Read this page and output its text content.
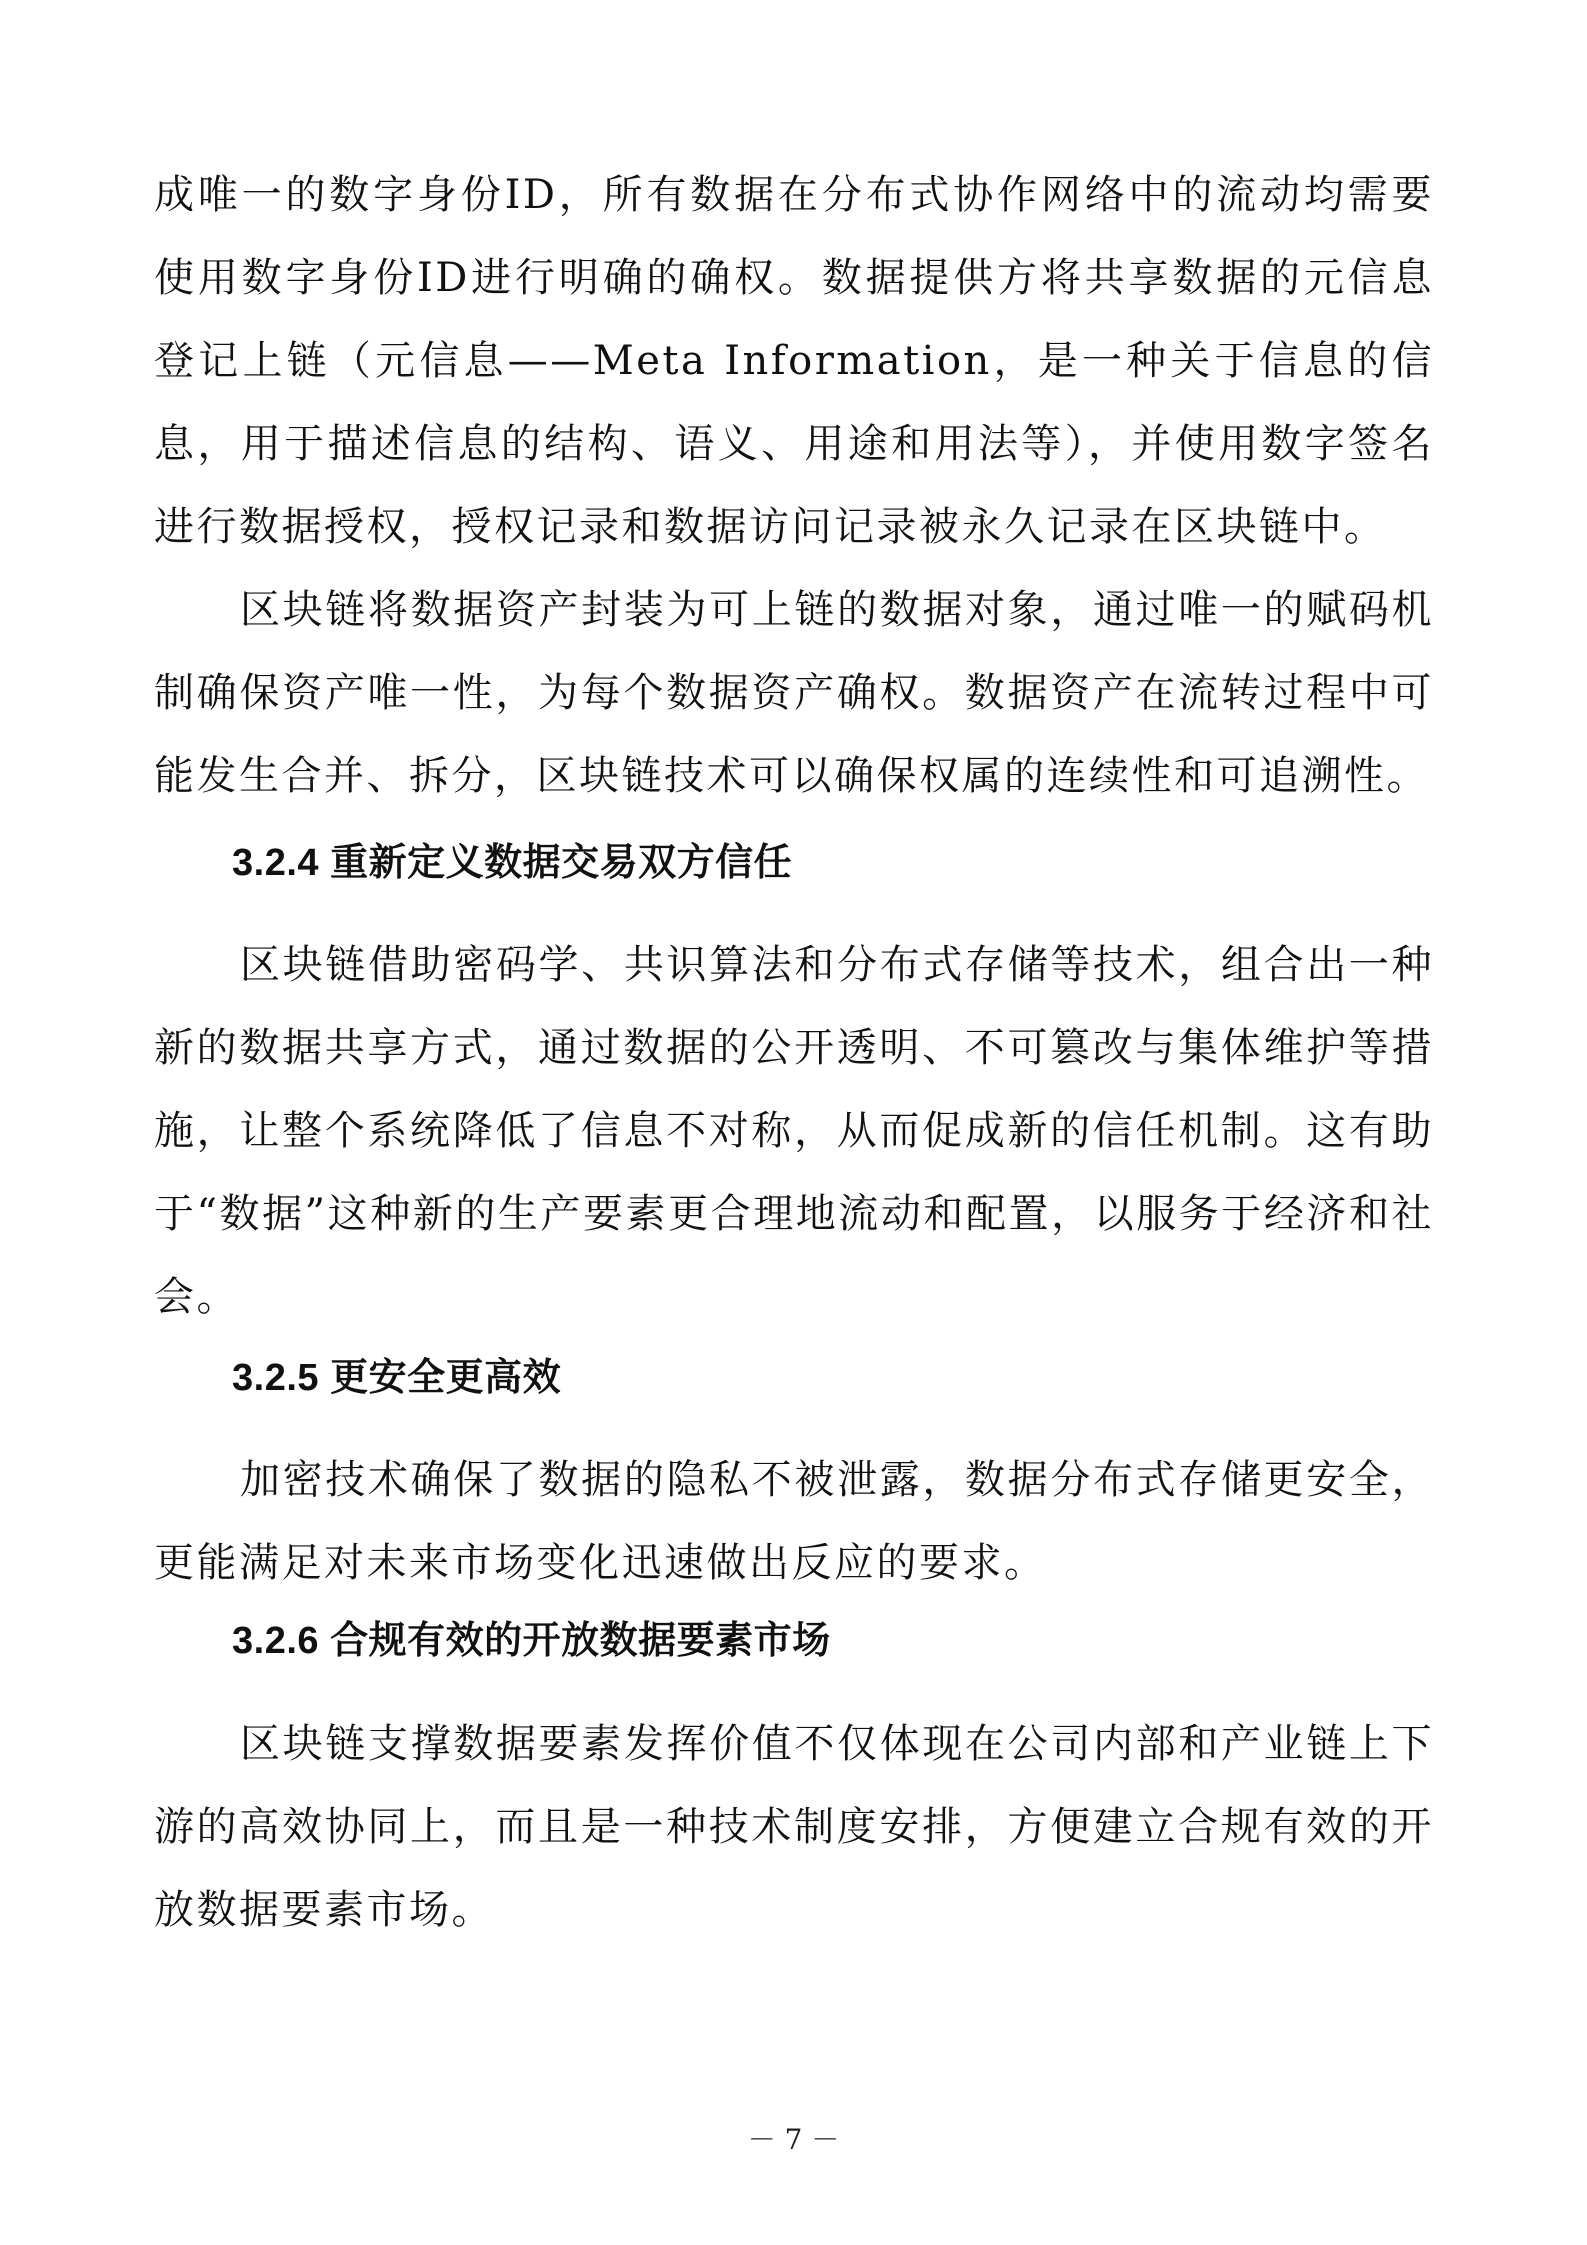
成唯一的数字身份ID，所有数据在分布式协作网络中的流动均需要使用数字身份ID进行明确的确权。数据提供方将共享数据的元信息登记上链（元信息——Meta Information，是一种关于信息的信息，用于描述信息的结构、语义、用途和用法等），并使用数字签名进行数据授权，授权记录和数据访问记录被永久记录在区块链中。

区块链将数据资产封装为可上链的数据对象，通过唯一的赋码机制确保资产唯一性，为每个数据资产确权。数据资产在流转过程中可能发生合并、拆分，区块链技术可以确保权属的连续性和可追溯性。

3.2.4 重新定义数据交易双方信任

区块链借助密码学、共识算法和分布式存储等技术，组合出一种新的数据共享方式，通过数据的公开透明、不可篡改与集体维护等措施，让整个系统降低了信息不对称，从而促成新的信任机制。这有助于“数据”这种新的生产要素更合理地流动和配置，以服务于经济和社会。

3.2.5 更安全更高效

加密技术确保了数据的隐私不被泄露，数据分布式存储更安全，更能满足对未来市场变化迅速做出反应的要求。

3.2.6 合规有效的开放数据要素市场

区块链支撑数据要素发挥价值不仅体现在公司内部和产业链上下游的高效协同上，而且是一种技术制度安排，方便建立合规有效的开放数据要素市场。

－ 7 －
